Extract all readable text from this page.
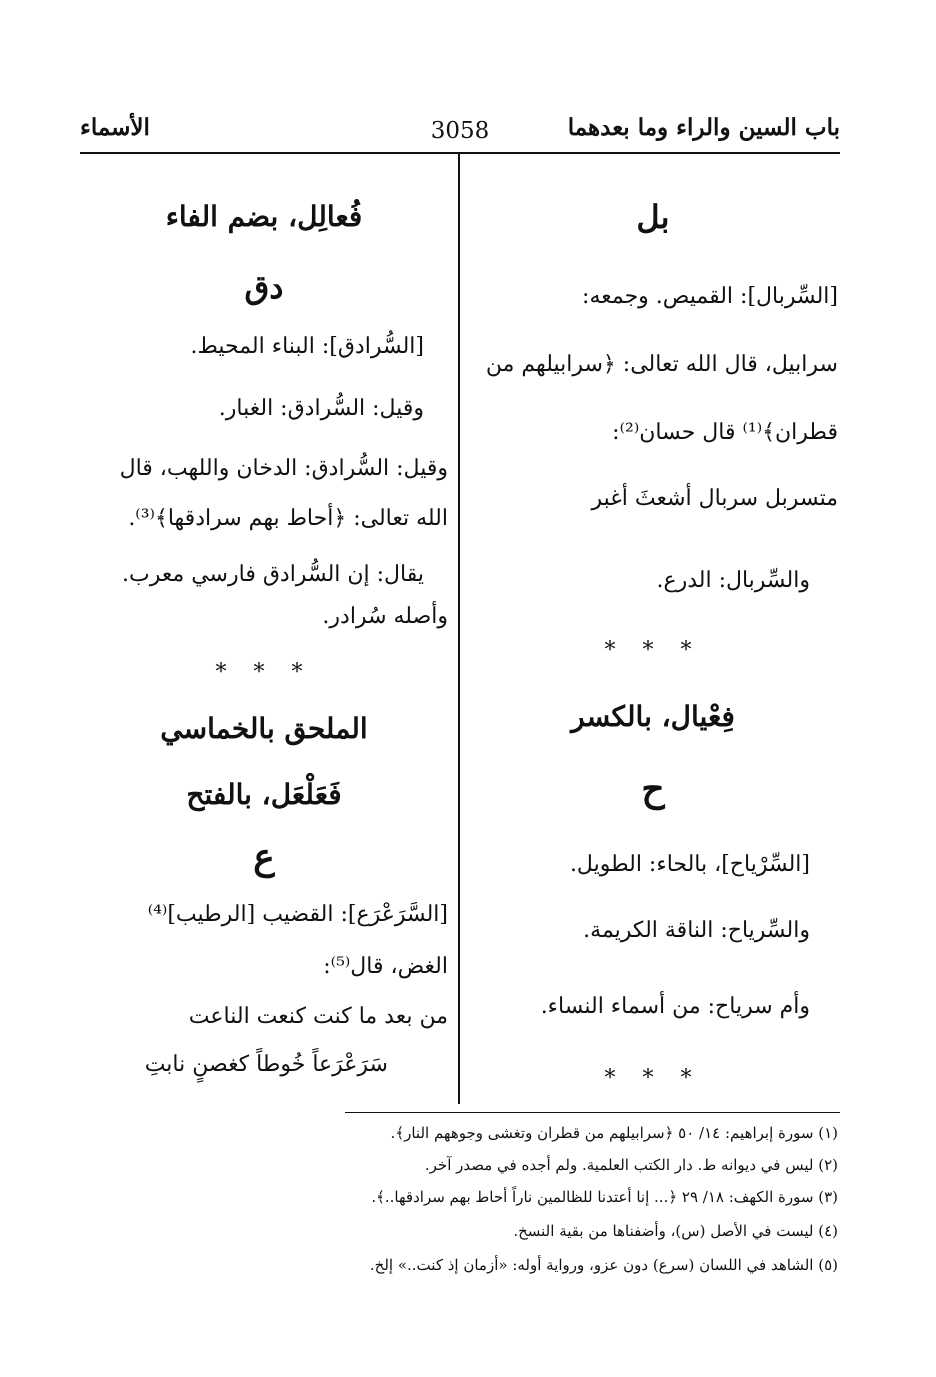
باب السين والراء وما بعدهما
3058
الأسماء
بل
[السِّربال]: القميص. وجمعه:
سرابيل، قال الله تعالى: ﴿سرابيلهم من
قطران﴾⁽¹⁾ قال حسان⁽²⁾:
متسربل سربال أشعثَ أغبر
والسِّربال: الدرع.
* * *
فِعْيال، بالكسر
ح
[السِّرْياح]، بالحاء: الطويل.
والسِّرياح: الناقة الكريمة.
وأم سرياح: من أسماء النساء.
* * *
فُعالِل، بضم الفاء
دق
[السُّرادق]: البناء المحيط.
وقيل: السُّرادق: الغبار.
وقيل: السُّرادق: الدخان واللهب، قال
الله تعالى: ﴿أحاط بهم سرادقها﴾⁽³⁾.
يقال: إن السُّرادق فارسي معرب.
وأصله سُرادر.
* * *
الملحق بالخماسي
فَعَلْعَل، بالفتح
ع
[السَّرَعْرَع]: القضيب [الرطيب]⁽⁴⁾
الغض، قال⁽⁵⁾:
من بعد ما كنت كنعت الناعت
سَرَعْرَعاً خُوطاً كغصنٍ نابتِ
(١) سورة إبراهيم: ١٤/ ٥٠ ﴿سرابيلهم من قطران وتغشى وجوههم النار﴾.
(٢) ليس في ديوانه ط. دار الكتب العلمية. ولم أجده في مصدر آخر.
(٣) سورة الكهف: ١٨/ ٢٩ ﴿... إنا أعتدنا للظالمين ناراً أحاط بهم سرادقها..﴾.
(٤) ليست في الأصل (س)، وأضفناها من بقية النسخ.
(٥) الشاهد في اللسان (سرع) دون عزو، ورواية أوله: «أزمان إذ كنت..» إلخ.
